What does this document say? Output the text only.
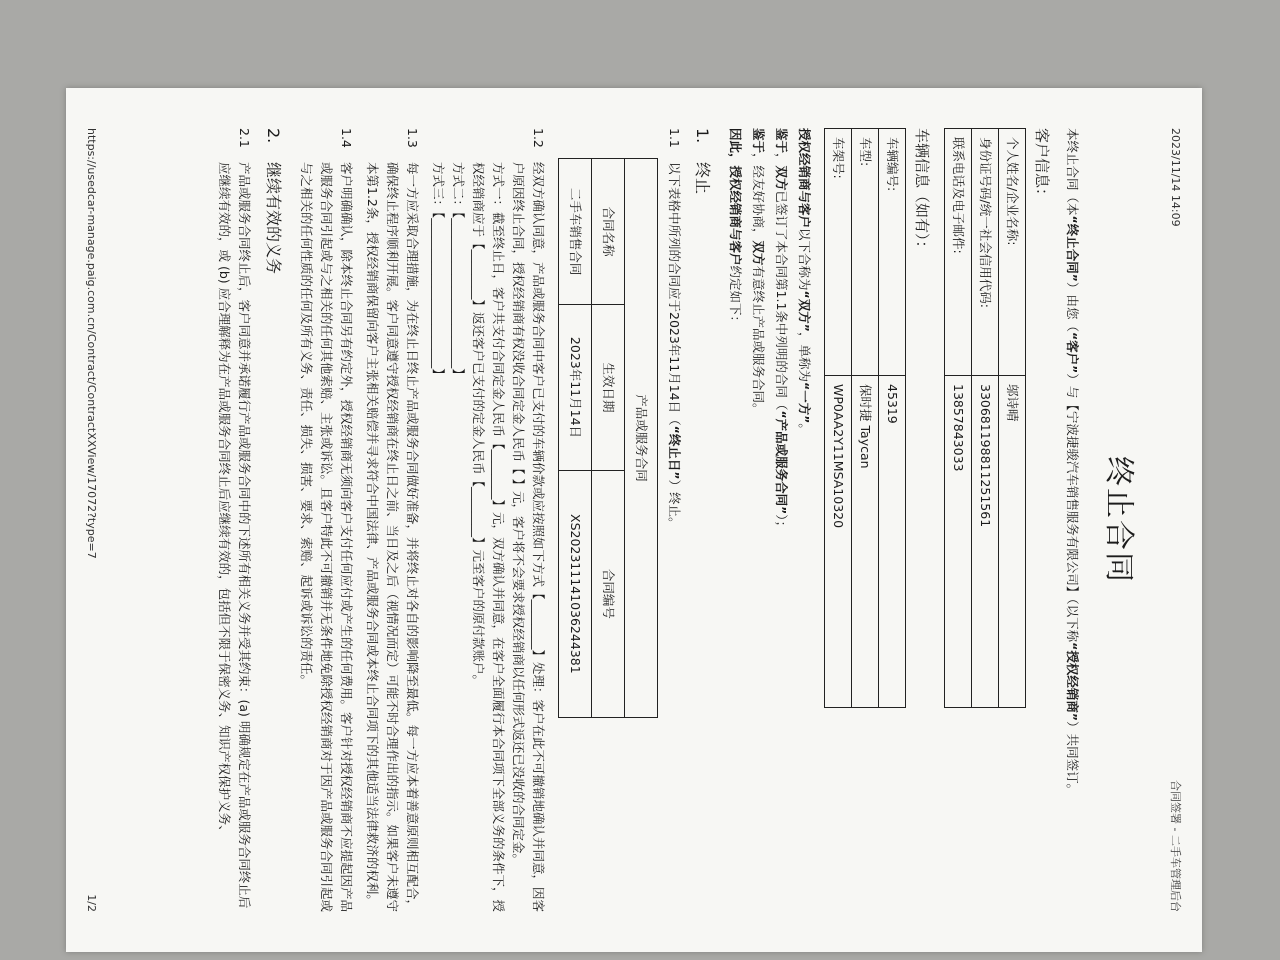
2023/11/14 14:09
合同签署 - 二手车管理后台
终止合同

本终止合同（本“终止合同”）由您（“客户”）与【宁波捷骏汽车销售服务有限公司】（以下称“授权经销商”）共同签订。

客户信息：
个人姓名/企业名称:	邬诗晴
身份证号码/统一社会信用代码:	330681198811251561
联系电话及电子邮件:	13857843033
车辆信息（如有）：
车辆编号:	45319
车型:	保时捷 Taycan
车架号:	WP0AA2Y11MSA10320

授权经销商与客户以下合称为“双方”，单称为“一方”。

鉴于，双方已签订了本合同第1.1条中列明的合同（“产品或服务合同”）；

鉴于，经友好协商，双方有意终止产品或服务合同。

因此，授权经销商与客户约定如下：

1.
终止
1.1
以下表格中所列的合同应于2023年11月14日（“终止日”）终止。
产品或服务合同		
合同名称	生效日期	合同编号
二手车销售合同	2023年11月14日	XS20231114103624438​1
1.2
经双方确认同意，产品或服务合同中客户已支付的车辆价款或应按照如下方式【________】处理：客户在此不可撤销地确认并同意，因客户原因终止合同，授权经销商有权没收合同定金人民币【 】元，客户将不会要求授权经销商以任何形式返还已没收的合同定金。
方式一：截至终止日，客户共支付合同定金人民币【________】元，双方确认并同意，在客户全面履行本合同项下全部义务的条件下，授权经销商应于【________】返还客户已支付的定金人民币【________】元至客户的原付款账户。
方式二：【________________________】
方式三：【________________________】
1.3
每一方应采取合理措施，为在终止日终止产品或服务合同做好准备，并将终止对各自的影响降至最低。每一方应本着善意原则相互配合，确保终止程序顺利开展。客户同意遵守授权经销商在终止日之前、当日及之后（视情况而定）可能不时合理作出的指示。如果客户未遵守本第1.2条，授权经销商保留向客户主张相关赔偿并寻求符合中国法律、产品或服务合同或本终止合同项下的其他适当法律救济的权利。
1.4
客户明确确认，除本终止合同另有约定外，授权经销商无须向客户支付任何应付或产生的任何费用。客户针对授权经销商不应提起因产品或服务合同引起或与之相关的任何其他索赔、主张或诉讼。且客户特此不可撤销并无条件地免除授权经销商对于因产品或服务合同引起或与之相关的任何性质的任何及所有义务、责任、损失、损害、要求、索赔、起诉或诉讼的责任。
2.
继续有效的义务
2.1
产品或服务合同终止后，客户同意并承诺履行产品或服务合同中的下述所有相关义务并受其约束：(a) 明确规定在产品或服务合同终止后应继续有效的，或 (b) 应合理解释为在产品或服务合同终止后应继续有效的，包括但不限于保密义务、知识产权保护义务、
https://usedcar-manage.paig.com.cn/Contract/ContractXXView/17072?type=7
1/2
